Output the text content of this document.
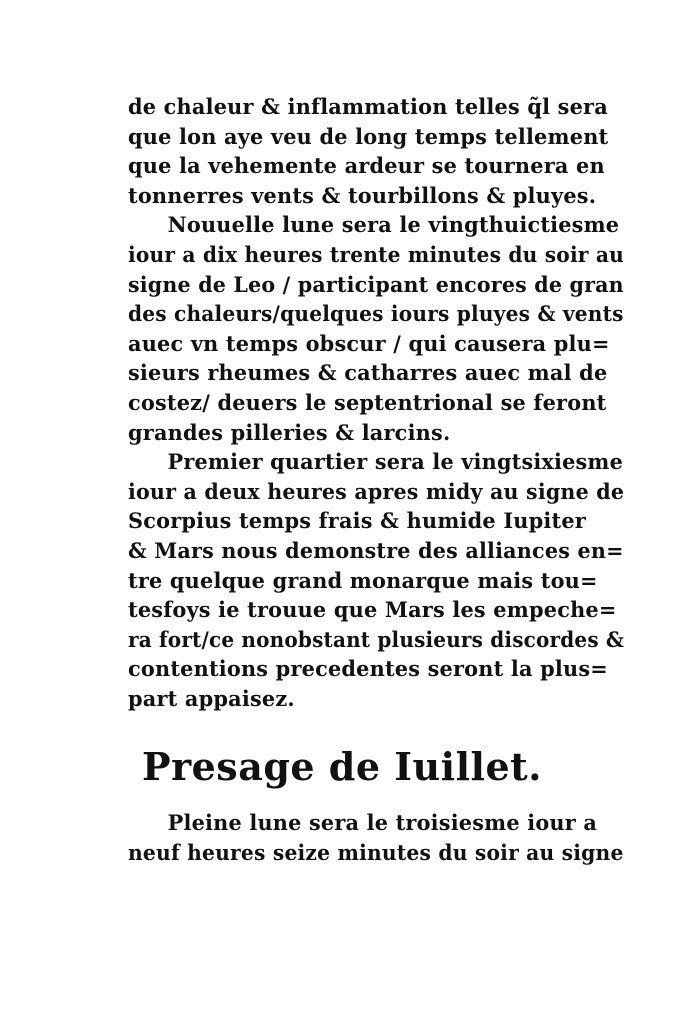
de chaleur & inflammation telles q̃l sera
que lon aye veu de long temps tellement
que la vehemente ardeur se tournera en
tonnerres vents & tourbillons & pluyes.
Nouuelle lune sera le vingthuictiesme
iour a dix heures trente minutes du soir au
signe de Leo / participant encores de gran
des chaleurs/quelques iours pluyes & vents
auec vn temps obscur / qui causera plu=
sieurs rheumes & catharres auec mal de
costez/ deuers le septentrional se feront
grandes pilleries & larcins.
Premier quartier sera le vingtsixiesme
iour a deux heures apres midy au signe de
Scorpius temps frais & humide Iupiter
& Mars nous demonstre des alliances en=
tre quelque grand monarque mais tou=
tesfoys ie trouue que Mars les empeche=
ra fort/ce nonobstant plusieurs discordes &
contentions precedentes seront la plus=
part appaisez.
Presage de Iuillet.
Pleine lune sera le troisiesme iour a
neuf heures seize minutes du soir au signe
